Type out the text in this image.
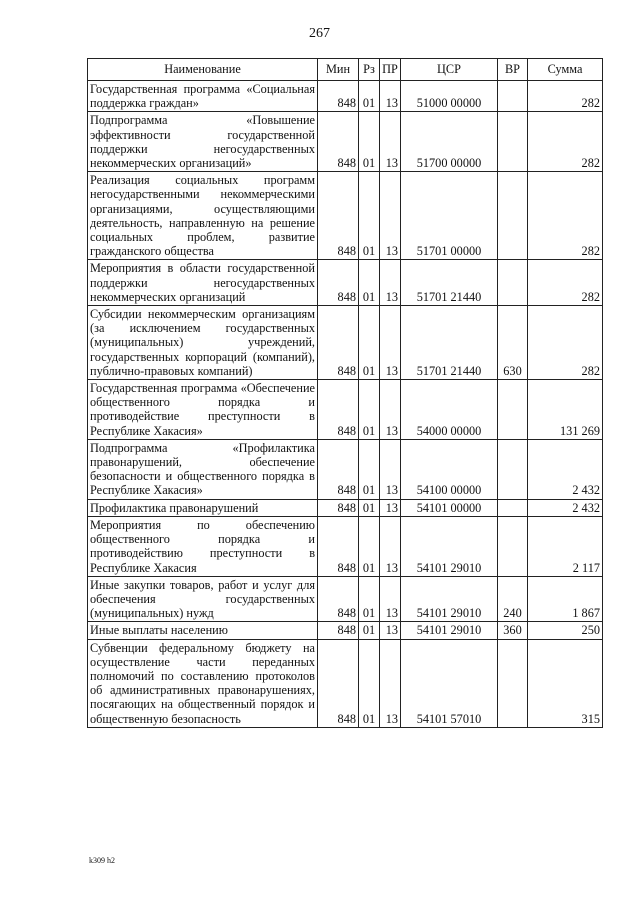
267
Наименование	Мин	Рз	ПР	ЦСР	ВР	Сумма
Государственная программа «Социальная поддержка граждан»	848	01	13	51000 00000		282
Подпрограмма «Повышение эффективности государственной поддержки негосударственных некоммерческих организаций»	848	01	13	51700 00000		282
Реализация социальных программ негосударственными некоммерческими организациями, осуществляющими деятельность, направленную на решение социальных проблем, развитие гражданского общества	848	01	13	51701 00000		282
Мероприятия в области государственной поддержки негосударственных некоммерческих организаций	848	01	13	51701 21440		282
Субсидии некоммерческим организациям (за исключением государственных (муниципальных) учреждений, государственных корпораций (компаний), публично-правовых компаний)	848	01	13	51701 21440	630	282
Государственная программа «Обеспечение общественного порядка и противодействие преступности в Республике Хакасия»	848	01	13	54000 00000		131 269
Подпрограмма «Профилактика правонарушений, обеспечение безопасности и общественного порядка в Республике Хакасия»	848	01	13	54100 00000		2 432
Профилактика правонарушений	848	01	13	54101 00000		2 432
Мероприятия по обеспечению общественного порядка и противодействию преступности в Республике Хакасия	848	01	13	54101 29010		2 117
Иные закупки товаров, работ и услуг для обеспечения государственных (муниципальных) нужд	848	01	13	54101 29010	240	1 867
Иные выплаты населению	848	01	13	54101 29010	360	250
Субвенции федеральному бюджету на осуществление части переданных полномочий по составлению протоколов об административных правонарушениях, посягающих на общественный порядок и общественную безопасность	848	01	13	54101 57010		315
k309 h2
